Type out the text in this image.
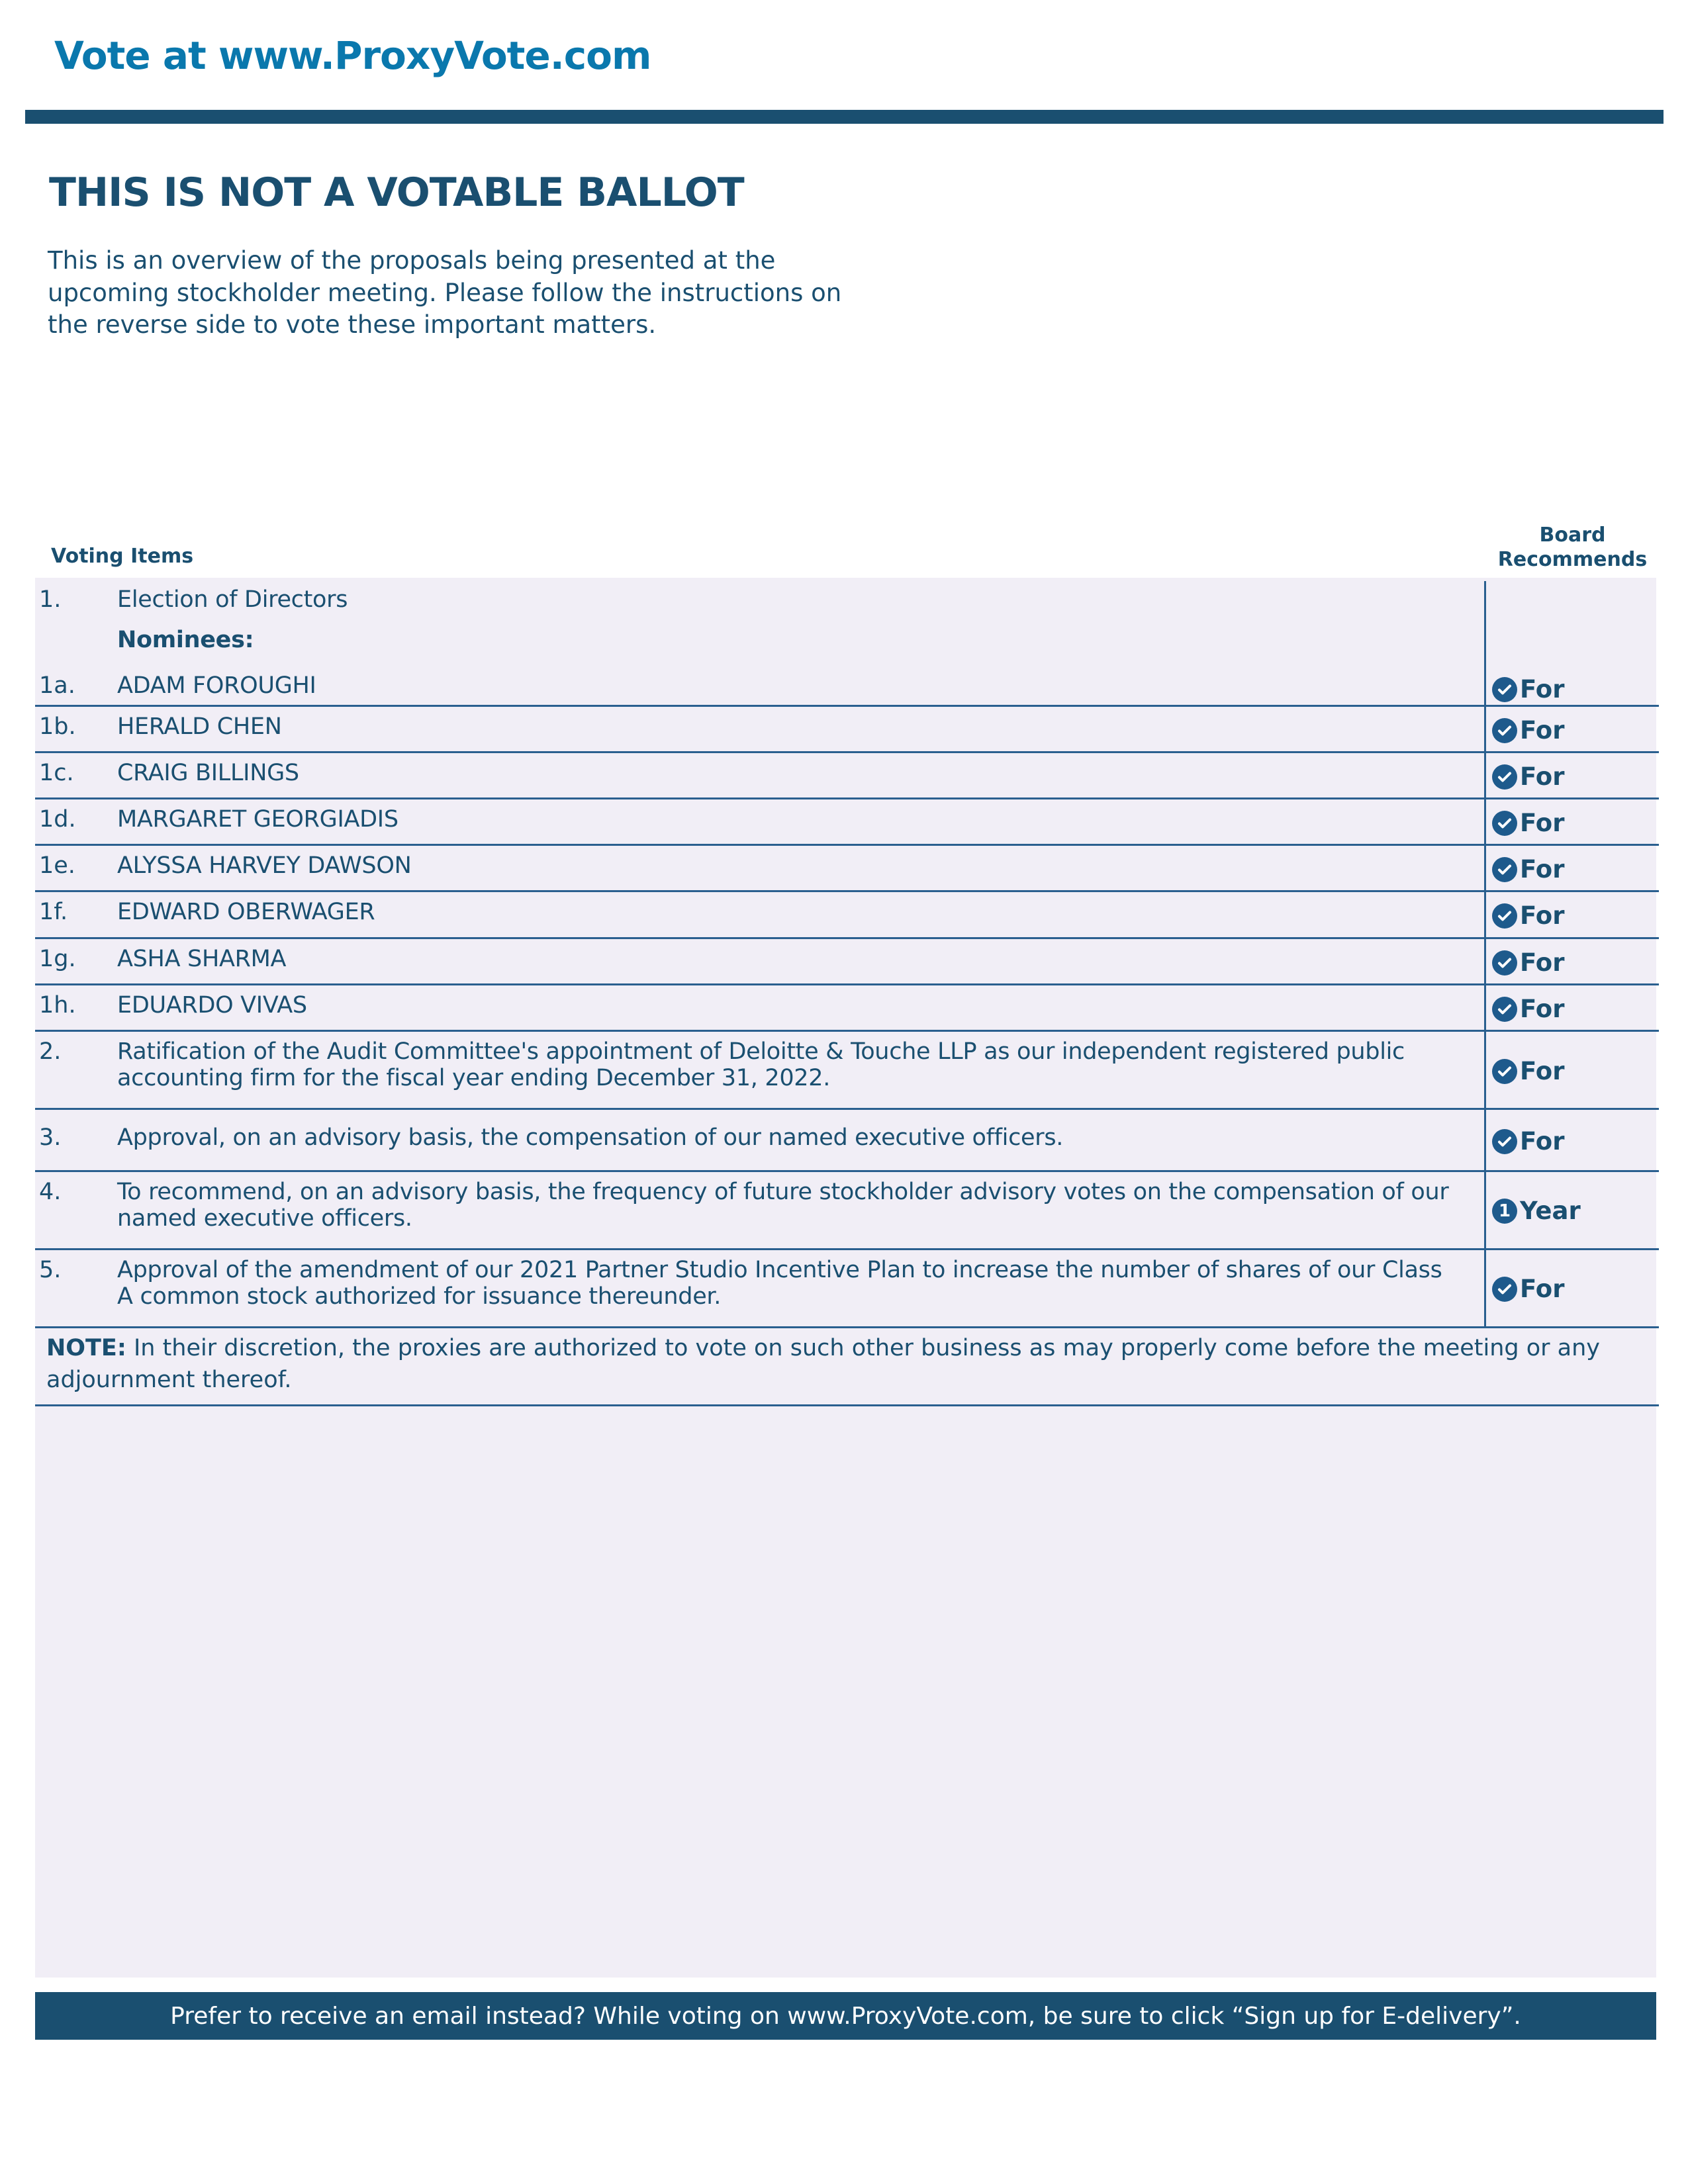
Vote at www.ProxyVote.com
THIS IS NOT A VOTABLE BALLOT
This is an overview of the proposals being presented at the
upcoming stockholder meeting. Please follow the instructions on
the reverse side to vote these important matters.
Voting Items
Board
Recommends
1. Election of Directors
Nominees:
1a. ADAM FOROUGHI	For
1b. HERALD CHEN	For
1c. CRAIG BILLINGS	For
1d. MARGARET GEORGIADIS	For
1e. ALYSSA HARVEY DAWSON	For
1f. EDWARD OBERWAGER	For
1g. ASHA SHARMA	For
1h. EDUARDO VIVAS	For
2. Ratification of the Audit Committee's appointment of Deloitte & Touche LLP as our independent registered public
accounting firm for the fiscal year ending December 31, 2022.	For
3. Approval, on an advisory basis, the compensation of our named executive officers.	For
4. To recommend, on an advisory basis, the frequency of future stockholder advisory votes on the compensation of our
named executive officers.	1 Year
5. Approval of the amendment of our 2021 Partner Studio Incentive Plan to increase the number of shares of our Class
A common stock authorized for issuance thereunder.	For
NOTE: In their discretion, the proxies are authorized to vote on such other business as may properly come before the meeting or any
adjournment thereof.
Prefer to receive an email instead? While voting on www.ProxyVote.com, be sure to click “Sign up for E-delivery”.
